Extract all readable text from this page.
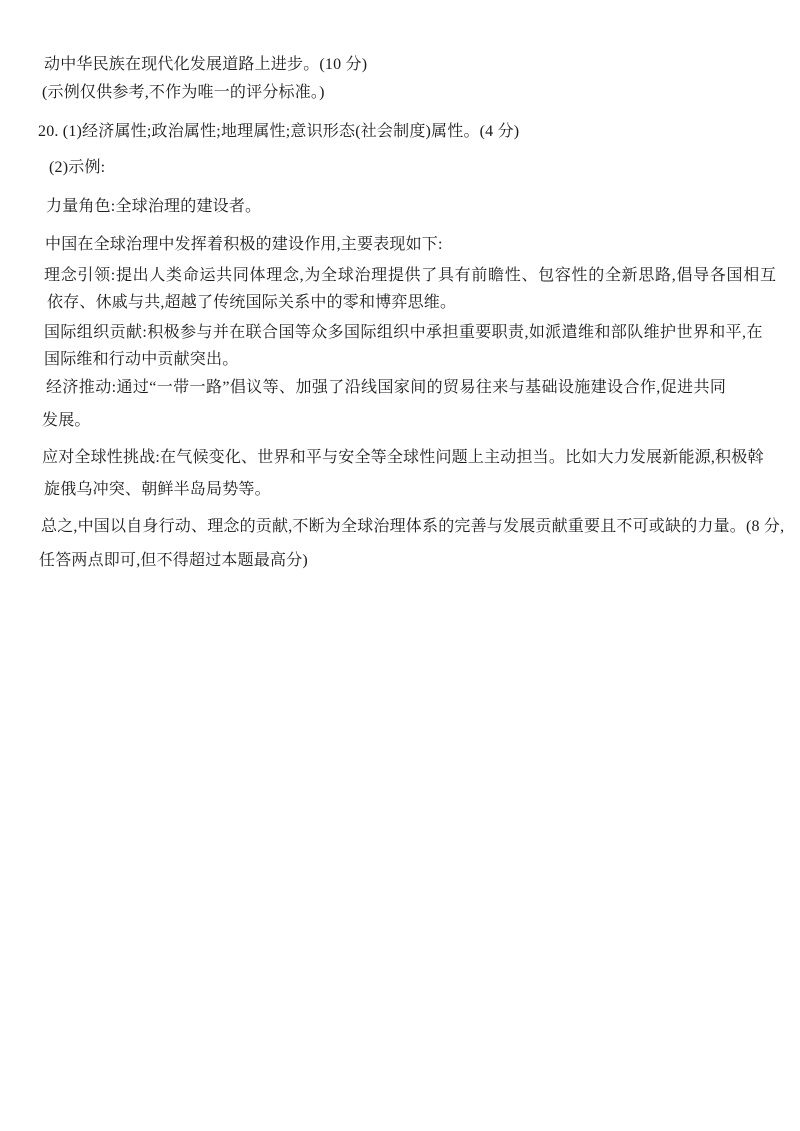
动中华民族在现代化发展道路上进步。(10 分)

(示例仅供参考,不作为唯一的评分标准。)

20. (1)经济属性;政治属性;地理属性;意识形态(社会制度)属性。(4 分)

(2)示例:

力量角色:全球治理的建设者。

中国在全球治理中发挥着积极的建设作用,主要表现如下:

理念引领:提出人类命运共同体理念,为全球治理提供了具有前瞻性、包容性的全新思路,倡导各国相互

依存、休戚与共,超越了传统国际关系中的零和博弈思维。

国际组织贡献:积极参与并在联合国等众多国际组织中承担重要职责,如派遣维和部队维护世界和平,在

国际维和行动中贡献突出。

经济推动:通过“一带一路”倡议等、加强了沿线国家间的贸易往来与基础设施建设合作,促进共同

发展。

应对全球性挑战:在气候变化、世界和平与安全等全球性问题上主动担当。比如大力发展新能源,积极斡

旋俄乌冲突、朝鲜半岛局势等。

总之,中国以自身行动、理念的贡献,不断为全球治理体系的完善与发展贡献重要且不可或缺的力量。(8 分,

任答两点即可,但不得超过本题最高分)
